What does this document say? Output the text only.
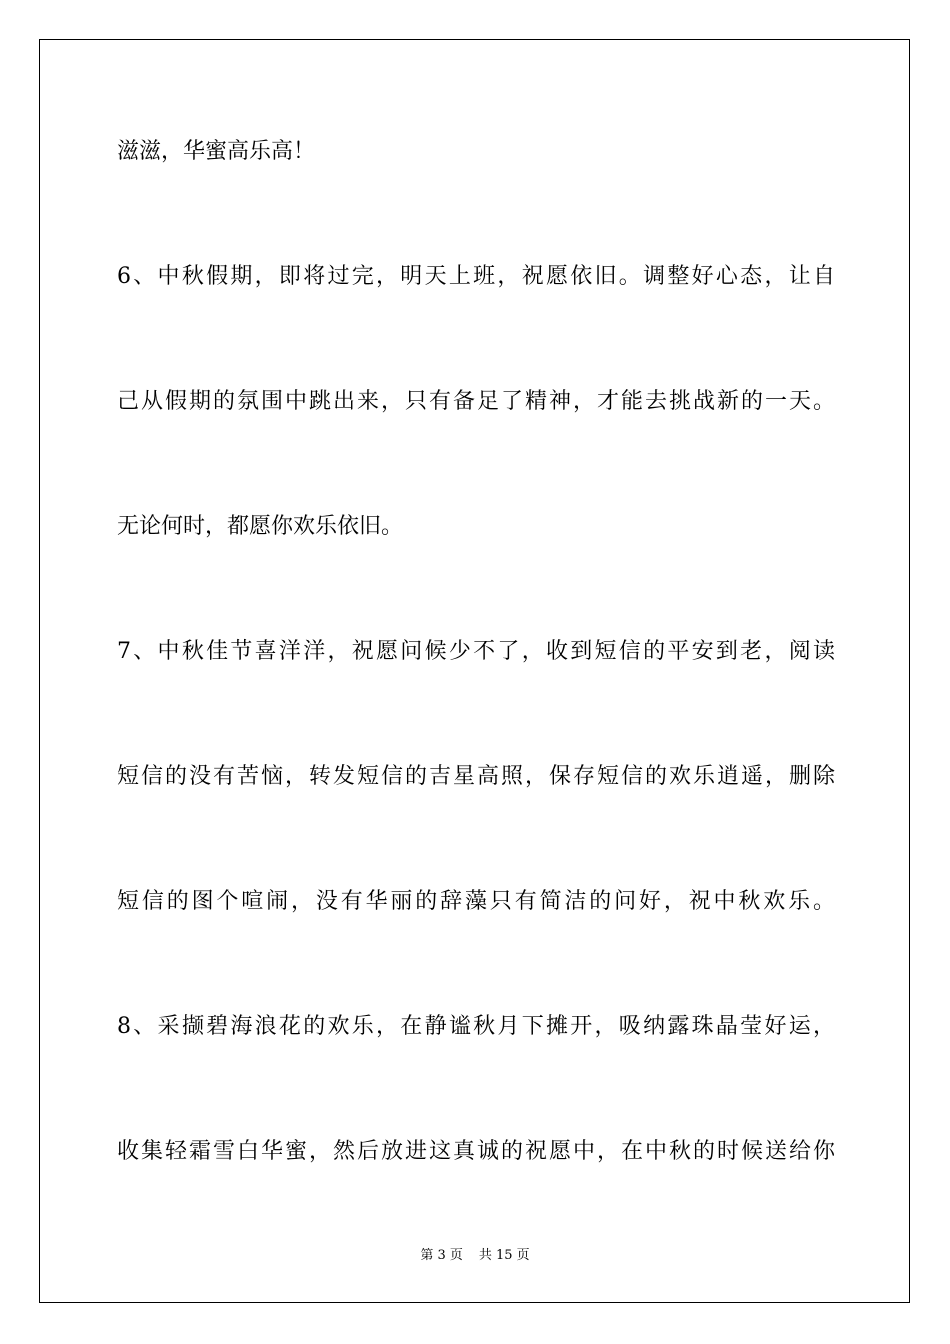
滋滋，华蜜高乐高！
6、中秋假期，即将过完，明天上班，祝愿依旧。调整好心态，让自
己从假期的氛围中跳出来，只有备足了精神，才能去挑战新的一天。
无论何时，都愿你欢乐依旧。
7、中秋佳节喜洋洋，祝愿问候少不了，收到短信的平安到老，阅读
短信的没有苦恼，转发短信的吉星高照，保存短信的欢乐逍遥，删除
短信的图个喧闹，没有华丽的辞藻只有简洁的问好，祝中秋欢乐。
8、采撷碧海浪花的欢乐，在静谧秋月下摊开，吸纳露珠晶莹好运，
收集轻霜雪白华蜜，然后放进这真诚的祝愿中，在中秋的时候送给你
第 3 页 共 15 页
